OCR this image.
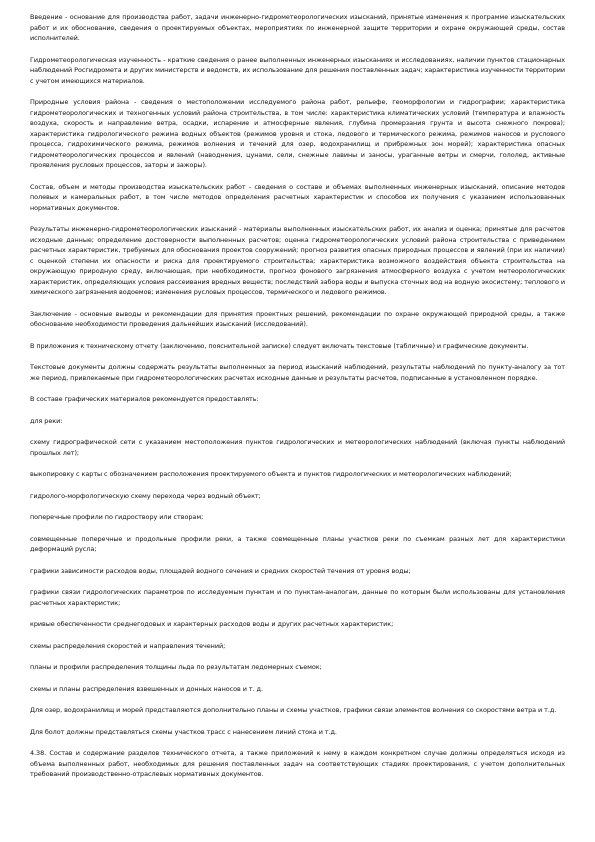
Введение - основание для производства работ, задачи инженерно-гидрометеорологических изысканий, принятые изменения к программе изыскательских работ и их обоснование, сведения о проектируемых объектах, мероприятиях по инженерной защите территории и охране окружающей среды, состав исполнителей.

Гидрометеорологическая изученность - краткие сведения о ранее выполненных инженерных изысканиях и исследованиях, наличии пунктов стационарных наблюдений Росгидромета и других министерств и ведомств, их использование для решения поставленных задач; характеристика изученности территории с учетом имеющихся материалов.

Природные условия района - сведения о местоположении исследуемого района работ, рельефе, геоморфологии и гидрографии; характеристика гидрометеорологических и техногенных условий района строительства, в том числе: характеристика климатических условий (температура и влажность воздуха, скорость и направление ветра, осадки, испарение и атмосферные явления, глубина промерзания грунта и высота снежного покрова); характеристика гидрологического режима водных объектов (режимов уровня и стока, ледового и термического режима, режимов наносов и руслового процесса, гидрохимического режима, режимов волнения и течений для озер, водохранилищ и прибрежных зон морей); характеристика опасных гидрометеорологических процессов и явлений (наводнения, цунами, сели, снежные лавины и заносы, ураганные ветры и смерчи, гололед, активные проявления русловых процессов, заторы и зажоры).

Состав, объем и методы производства изыскательских работ - сведения о составе и объемах выполненных инженерных изысканий, описание методов полевых и камеральных работ, в том числе методов определения расчетных характеристик и способов их получения с указанием использованных нормативных документов.

Результаты инженерно-гидрометеорологических изысканий - материалы выполненных изыскательских работ, их анализ и оценка; принятые для расчетов исходные данные; определение достоверности выполненных расчетов; оценка гидрометеорологических условий района строительства с приведением расчетных характеристик, требуемых для обоснования проектов сооружений; прогноз развития опасных природных процессов и явлений (при их наличии) с оценкой степени их опасности и риска для проектируемого строительства; характеристика возможного воздействия объекта строительства на окружающую природную среду, включающая, при необходимости, прогноз фонового загрязнения атмосферного воздуха с учетом метеорологических характеристик, определяющих условия рассеивания вредных веществ; последствий забора воды и выпуска сточных вод на водную экосистему; теплового и химического загрязнения водоемов; изменения русловых процессов, термического и ледового режимов.

Заключение - основные выводы и рекомендации для принятия проектных решений, рекомендации по охране окружающей природной среды, а также обоснование необходимости проведения дальнейших изысканий (исследований).

В приложения к техническому отчету (заключению, пояснительной записке) следует включать текстовые (табличные) и графические документы.

Текстовые документы должны содержать результаты выполненных за период изысканий наблюдений, результаты наблюдений по пункту-аналогу за тот же период, привлекаемые при гидрометеорологических расчетах исходные данные и результаты расчетов, подписанные в установленном порядке.

В составе графических материалов рекомендуется предоставлять:

для реки:

схему гидрографической сети с указанием местоположения пунктов гидрологических и метеорологических наблюдений (включая пункты наблюдений прошлых лет);

выкопировку с карты с обозначением расположения проектируемого объекта и пунктов гидрологических и метеорологических наблюдений;

гидролого-морфологическую схему перехода через водный объект;

поперечные профили по гидроствору или створам;

совмещенные поперечные и продольные профили реки, а также совмещенные планы участков реки по съемкам разных лет для характеристики деформаций русла;

графики зависимости расходов воды, площадей водного сечения и средних скоростей течения от уровня воды;

графики связи гидрологических параметров по исследуемым пунктам и по пунктам-аналогам, данные по которым были использованы для установления расчетных характеристик;

кривые обеспеченности среднегодовых и характерных расходов воды и других расчетных характеристик;

схемы распределения скоростей и направления течений;

планы и профили распределения толщины льда по результатам ледомерных съемок;

схемы и планы распределения взвешенных и донных наносов и т. д.

Для озер, водохранилищ и морей представляются дополнительно планы и схемы участков, графики связи элементов волнения со скоростями ветра и т.д.

Для болот должны представляться схемы участков трасс с нанесением линий стока и т.д.

4.38. Состав и содержание разделов технического отчета, а также приложений к нему в каждом конкретном случае должны определяться исходя из объема выполненных работ, необходимых для решения поставленных задач на соответствующих стадиях проектирования, с учетом дополнительных требований производственно-отраслевых нормативных документов.
